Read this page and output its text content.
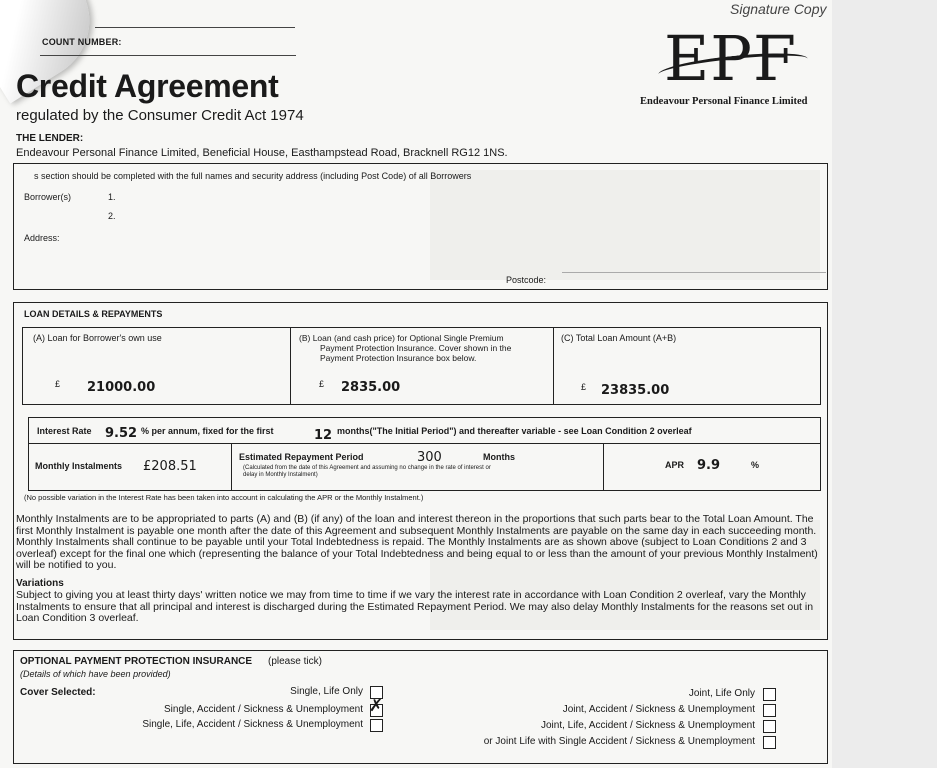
COUNT NUMBER:
Credit Agreement
regulated by the Consumer Credit Act 1974
Signature Copy
EPF
Endeavour Personal Finance Limited
THE LENDER:
Endeavour Personal Finance Limited, Beneficial House, Easthampstead Road, Bracknell RG12 1NS.
s section should be completed with the full names and security address (including Post Code) of all Borrowers
Borrower(s)	1.
2.
Address:
Postcode:
LOAN DETAILS & REPAYMENTS
(A) Loan for Borrower's own use	(B) Loan (and cash price) for Optional Single Premium
Payment Protection Insurance. Cover shown in the
Payment Protection Insurance box below.
(C) Total Loan Amount (A+B)
£ 21000.00	£ 2835.00	£ 23835.00
Interest Rate 9.52 % per annum, fixed for the first	12 months("The Initial Period") and thereafter variable - see Loan Condition 2 overleaf
Monthly Instalments £208.51
Estimated Repayment Period	300	Months
(Calculated from the date of this Agreement and assuming no change in the rate of interest or
delay in Monthly Instalment)
APR 9.9	%
(No possible variation in the Interest Rate has been taken into account in calculating the APR or the Monthly Instalment.)
Monthly Instalments are to be appropriated to parts (A) and (B) (if any) of the loan and interest thereon in the proportions that such parts bear to the Total Loan Amount. The
first Monthly Instalment is payable one month after the date of this Agreement and subsequent Monthly Instalments are payable on the same day in each succeeding month.
Monthly Instalments shall continue to be payable until your Total Indebtedness is repaid. The Monthly Instalments are as shown above (subject to Loan Conditions 2 and 3
overleaf) except for the final one which (representing the balance of your Total Indebtedness and being equal to or less than the amount of your previous Monthly Instalment)
will be notified to you.
Variations
Subject to giving you at least thirty days' written notice we may from time to time if we vary the interest rate in accordance with Loan Condition 2 overleaf, vary the Monthly
Instalments to ensure that all principal and interest is discharged during the Estimated Repayment Period. We may also delay Monthly Instalments for the reasons set out in
Loan Condition 3 overleaf.
OPTIONAL PAYMENT PROTECTION INSURANCE (please tick)
(Details of which have been provided)
Cover Selected:	Single, Life Only
Single, Accident / Sickness & Unemployment ✗
Single, Life, Accident / Sickness & Unemployment
Joint, Life Only
Joint, Accident / Sickness & Unemployment
Joint, Life, Accident / Sickness & Unemployment
or Joint Life with Single Accident / Sickness & Unemployment
